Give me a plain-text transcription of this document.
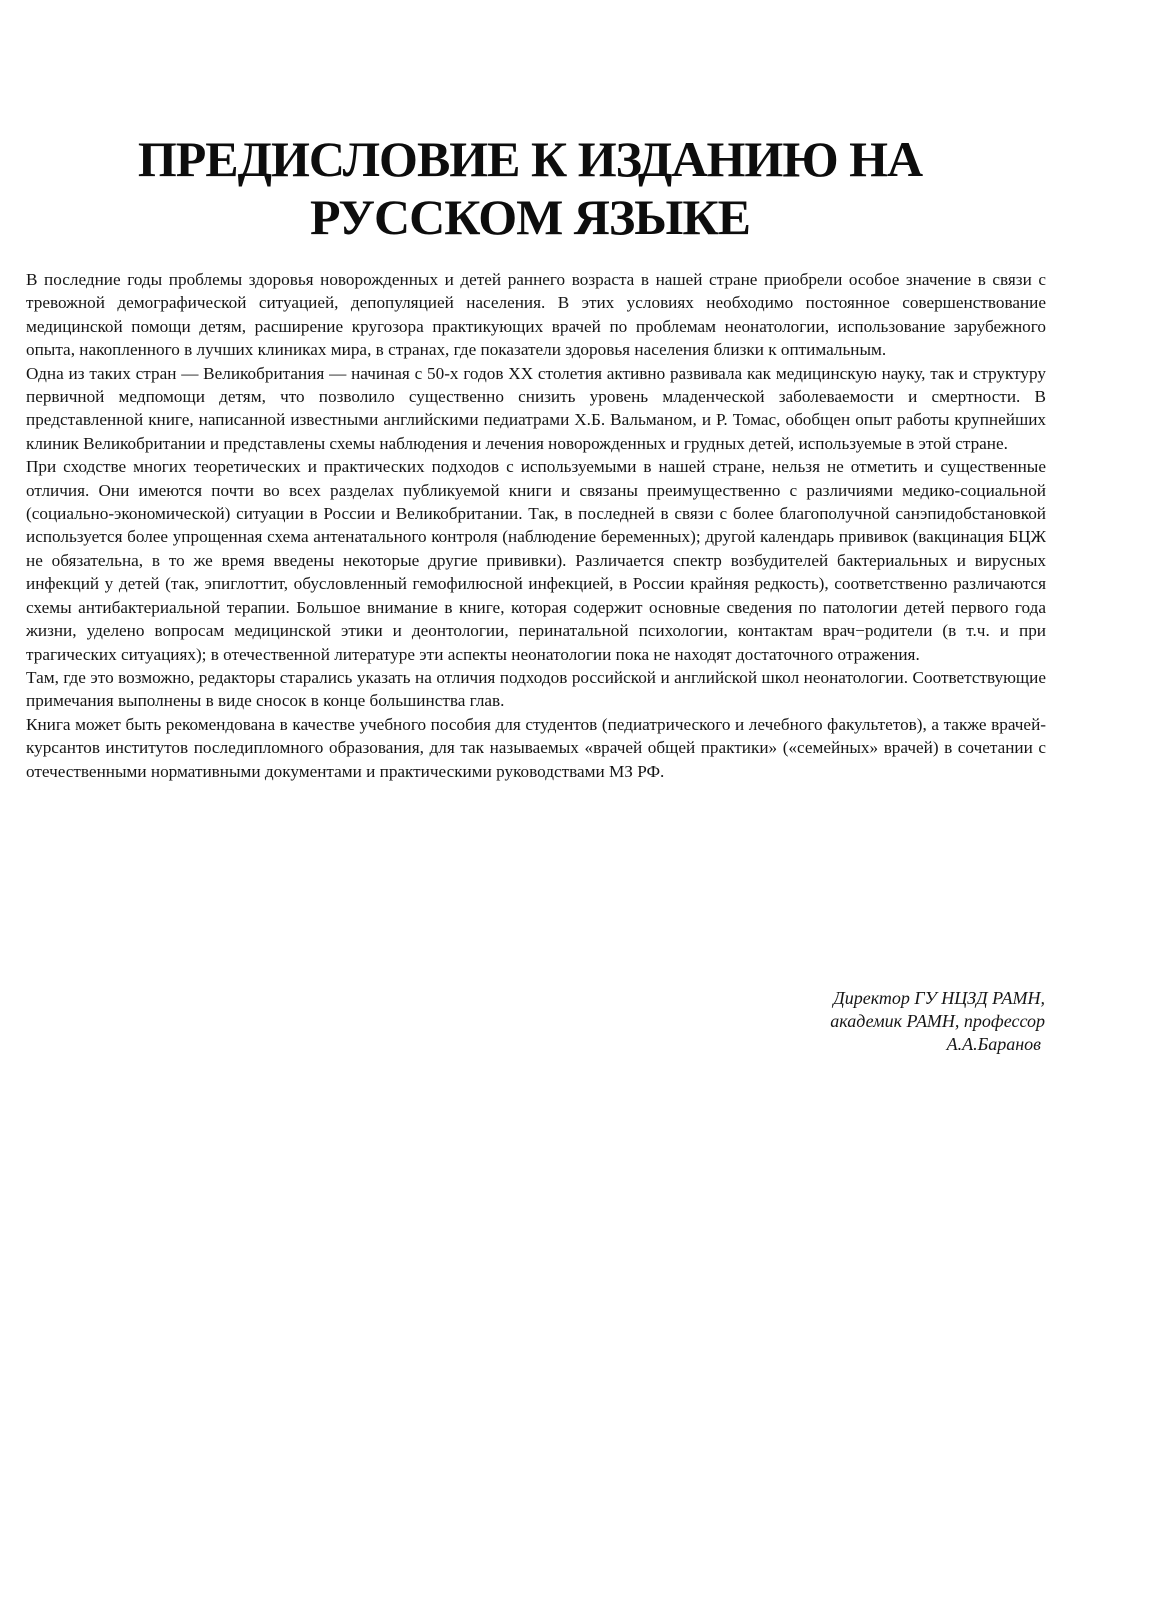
ПРЕДИСЛОВИЕ К ИЗДАНИЮ НА
РУССКОМ ЯЗЫКЕ

В последние годы проблемы здоровья новорожденных и детей раннего возраста в нашей стране приобрели особое значение в связи с тревожной демографической ситуацией, депопуляцией населения. В этих условиях необходимо постоянное совершенствование медицинской помощи детям, расширение кругозора практикующих врачей по проблемам неонатологии, использование зарубежного опыта, накопленного в лучших клиниках мира, в странах, где показатели здоровья населения близки к оптимальным.

Одна из таких стран — Великобритания — начиная с 50-х годов XX столетия активно развивала как медицинскую науку, так и структуру первичной медпомощи детям, что позволило существенно снизить уровень младенческой заболеваемости и смертности. В представленной книге, написанной известными английскими педиатрами Х.Б. Вальманом, и Р. Томас, обобщен опыт работы крупнейших клиник Великобритании и представлены схемы наблюдения и лечения новорожденных и грудных детей, используемые в этой стране.

При сходстве многих теоретических и практических подходов с используемыми в нашей стране, нельзя не отметить и существенные отличия. Они имеются почти во всех разделах публикуемой книги и связаны преимущественно с различиями медико-социальной (социально-экономической) ситуации в России и Великобритании. Так, в последней в связи с более благополучной санэпидобстановкой используется более упрощенная схема антенатального контроля (наблюдение беременных); другой календарь прививок (вакцинация БЦЖ не обязательна, в то же время введены некоторые другие прививки). Различается спектр возбудителей бактериальных и вирусных инфекций у детей (так, эпиглоттит, обусловленный гемофилюсной инфекцией, в России крайняя редкость), соответственно различаются схемы антибактериальной терапии. Большое внимание в книге, которая содержит основные сведения по патологии детей первого года жизни, уделено вопросам медицинской этики и деонтологии, перинатальной психологии, контактам врач−родители (в т.ч. и при трагических ситуациях); в отечественной литературе эти аспекты неонатологии пока не находят достаточного отражения.

Там, где это возможно, редакторы старались указать на отличия подходов российской и английской школ неонатологии. Соответствующие примечания выполнены в виде сносок в конце большинства глав.

Книга может быть рекомендована в качестве учебного пособия для студентов (педиатрического и лечебного факультетов), а также врачей-курсантов институтов последипломного образования, для так называемых «врачей общей практики» («семейных» врачей) в сочетании с отечественными нормативными документами и практическими руководствами МЗ РФ.

Директор ГУ НЦЗД РАМН,
академик РАМН, профессор
А.А.Баранов
